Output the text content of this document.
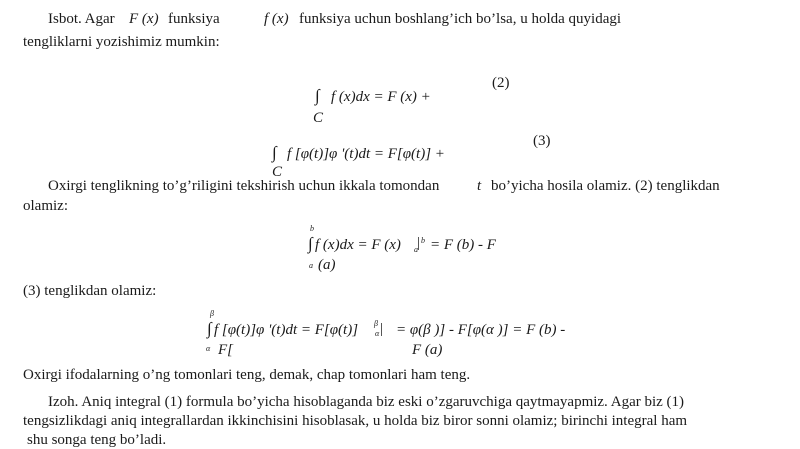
Isbot. Agar F (x) funksiya	f (x) funksiya uchun boshlang’ich bo’lsa, u holda quyidagi
tengliklarni yozishimiz mumkin:
∫ f (x)dx = F (x) +
C
(2)
∫ f [φ(t)]φ '(t)dt = F[φ(t)] +
C
(3)
Oxirgi tenglikning to’g’riligini tekshirish uchun ikkala tomondan	t bo’yicha hosila olamiz. (2) tenglikdan
olamiz:
b
∫
a
f (x)dx = F (x) | b
a = F (b) - F
(a)
(3) tenglikdan olamiz:
β
∫
α
f [φ(t)]φ '(t)dt = F[φ(t)] |
β
α = φ(β )] - F[φ(α )] = F (b) -
F[	F (a)
Oxirgi ifodalarning o’ng tomonlari teng, demak, chap tomonlari ham teng.
Izoh. Aniq integral (1) formula bo’yicha hisoblaganda biz eski o’zgaruvchiga qaytmayapmiz. Agar biz (1)
tengsizlikdagi aniq integrallardan ikkinchisini hisoblasak, u holda biz biror sonni olamiz; birinchi integral ham
shu songa teng bo’ladi.
